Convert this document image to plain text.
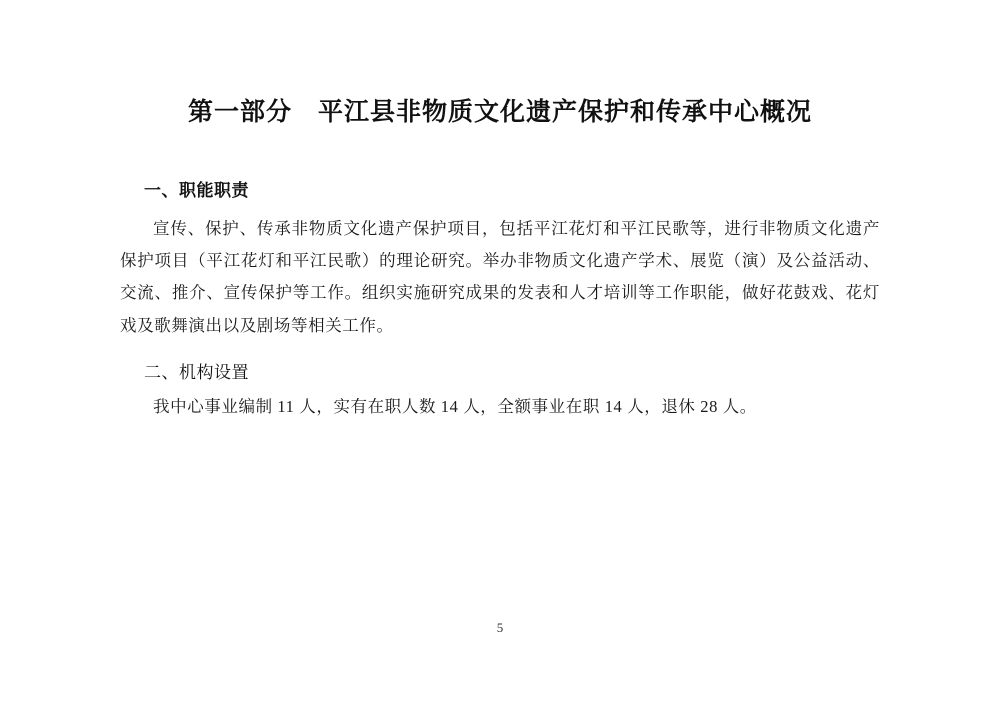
第一部分　平江县非物质文化遗产保护和传承中心概况
一、职能职责

宣传、保护、传承非物质文化遗产保护项目，包括平江花灯和平江民歌等，进行非物质文化遗产保护项目（平江花灯和平江民歌）的理论研究。举办非物质文化遗产学术、展览（演）及公益活动、交流、推介、宣传保护等工作。组织实施研究成果的发表和人才培训等工作职能，做好花鼓戏、花灯戏及歌舞演出以及剧场等相关工作。

二、机构设置

我中心事业编制 11 人，实有在职人数 14 人，全额事业在职 14 人，退休 28 人。

5
